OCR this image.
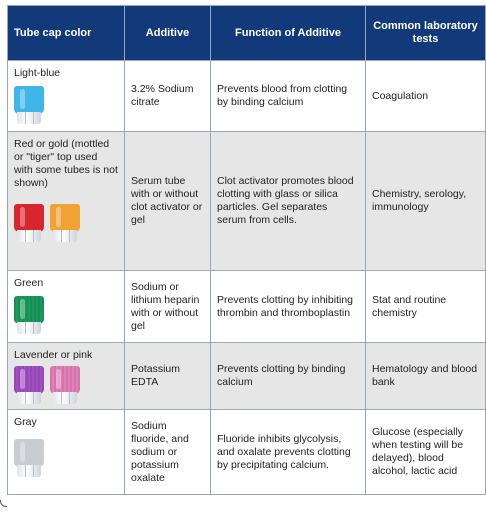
Tube cap color	Additive	Function of Additive	Common laboratory tests

Light-blue	3.2% Sodium citrate	Prevents blood from clotting by binding calcium	Coagulation

Red or gold (mottled or "tiger" top used with some tubes is not shown)	Serum tube with or without clot activator or gel	Clot activator promotes blood clotting with glass or silica particles. Gel separates serum from cells.	Chemistry, serology, immunology

Green	Sodium or lithium heparin with or without gel	Prevents clotting by inhibiting thrombin and thromboplastin	Stat and routine chemistry

Lavender or pink	Potassium EDTA	Prevents clotting by binding calcium	Hematology and blood bank

Gray	Sodium fluoride, and sodium or potassium oxalate	Fluoride inhibits glycolysis, and oxalate prevents clotting by precipitating calcium.	Glucose (especially when testing will be delayed), blood alcohol, lactic acid
